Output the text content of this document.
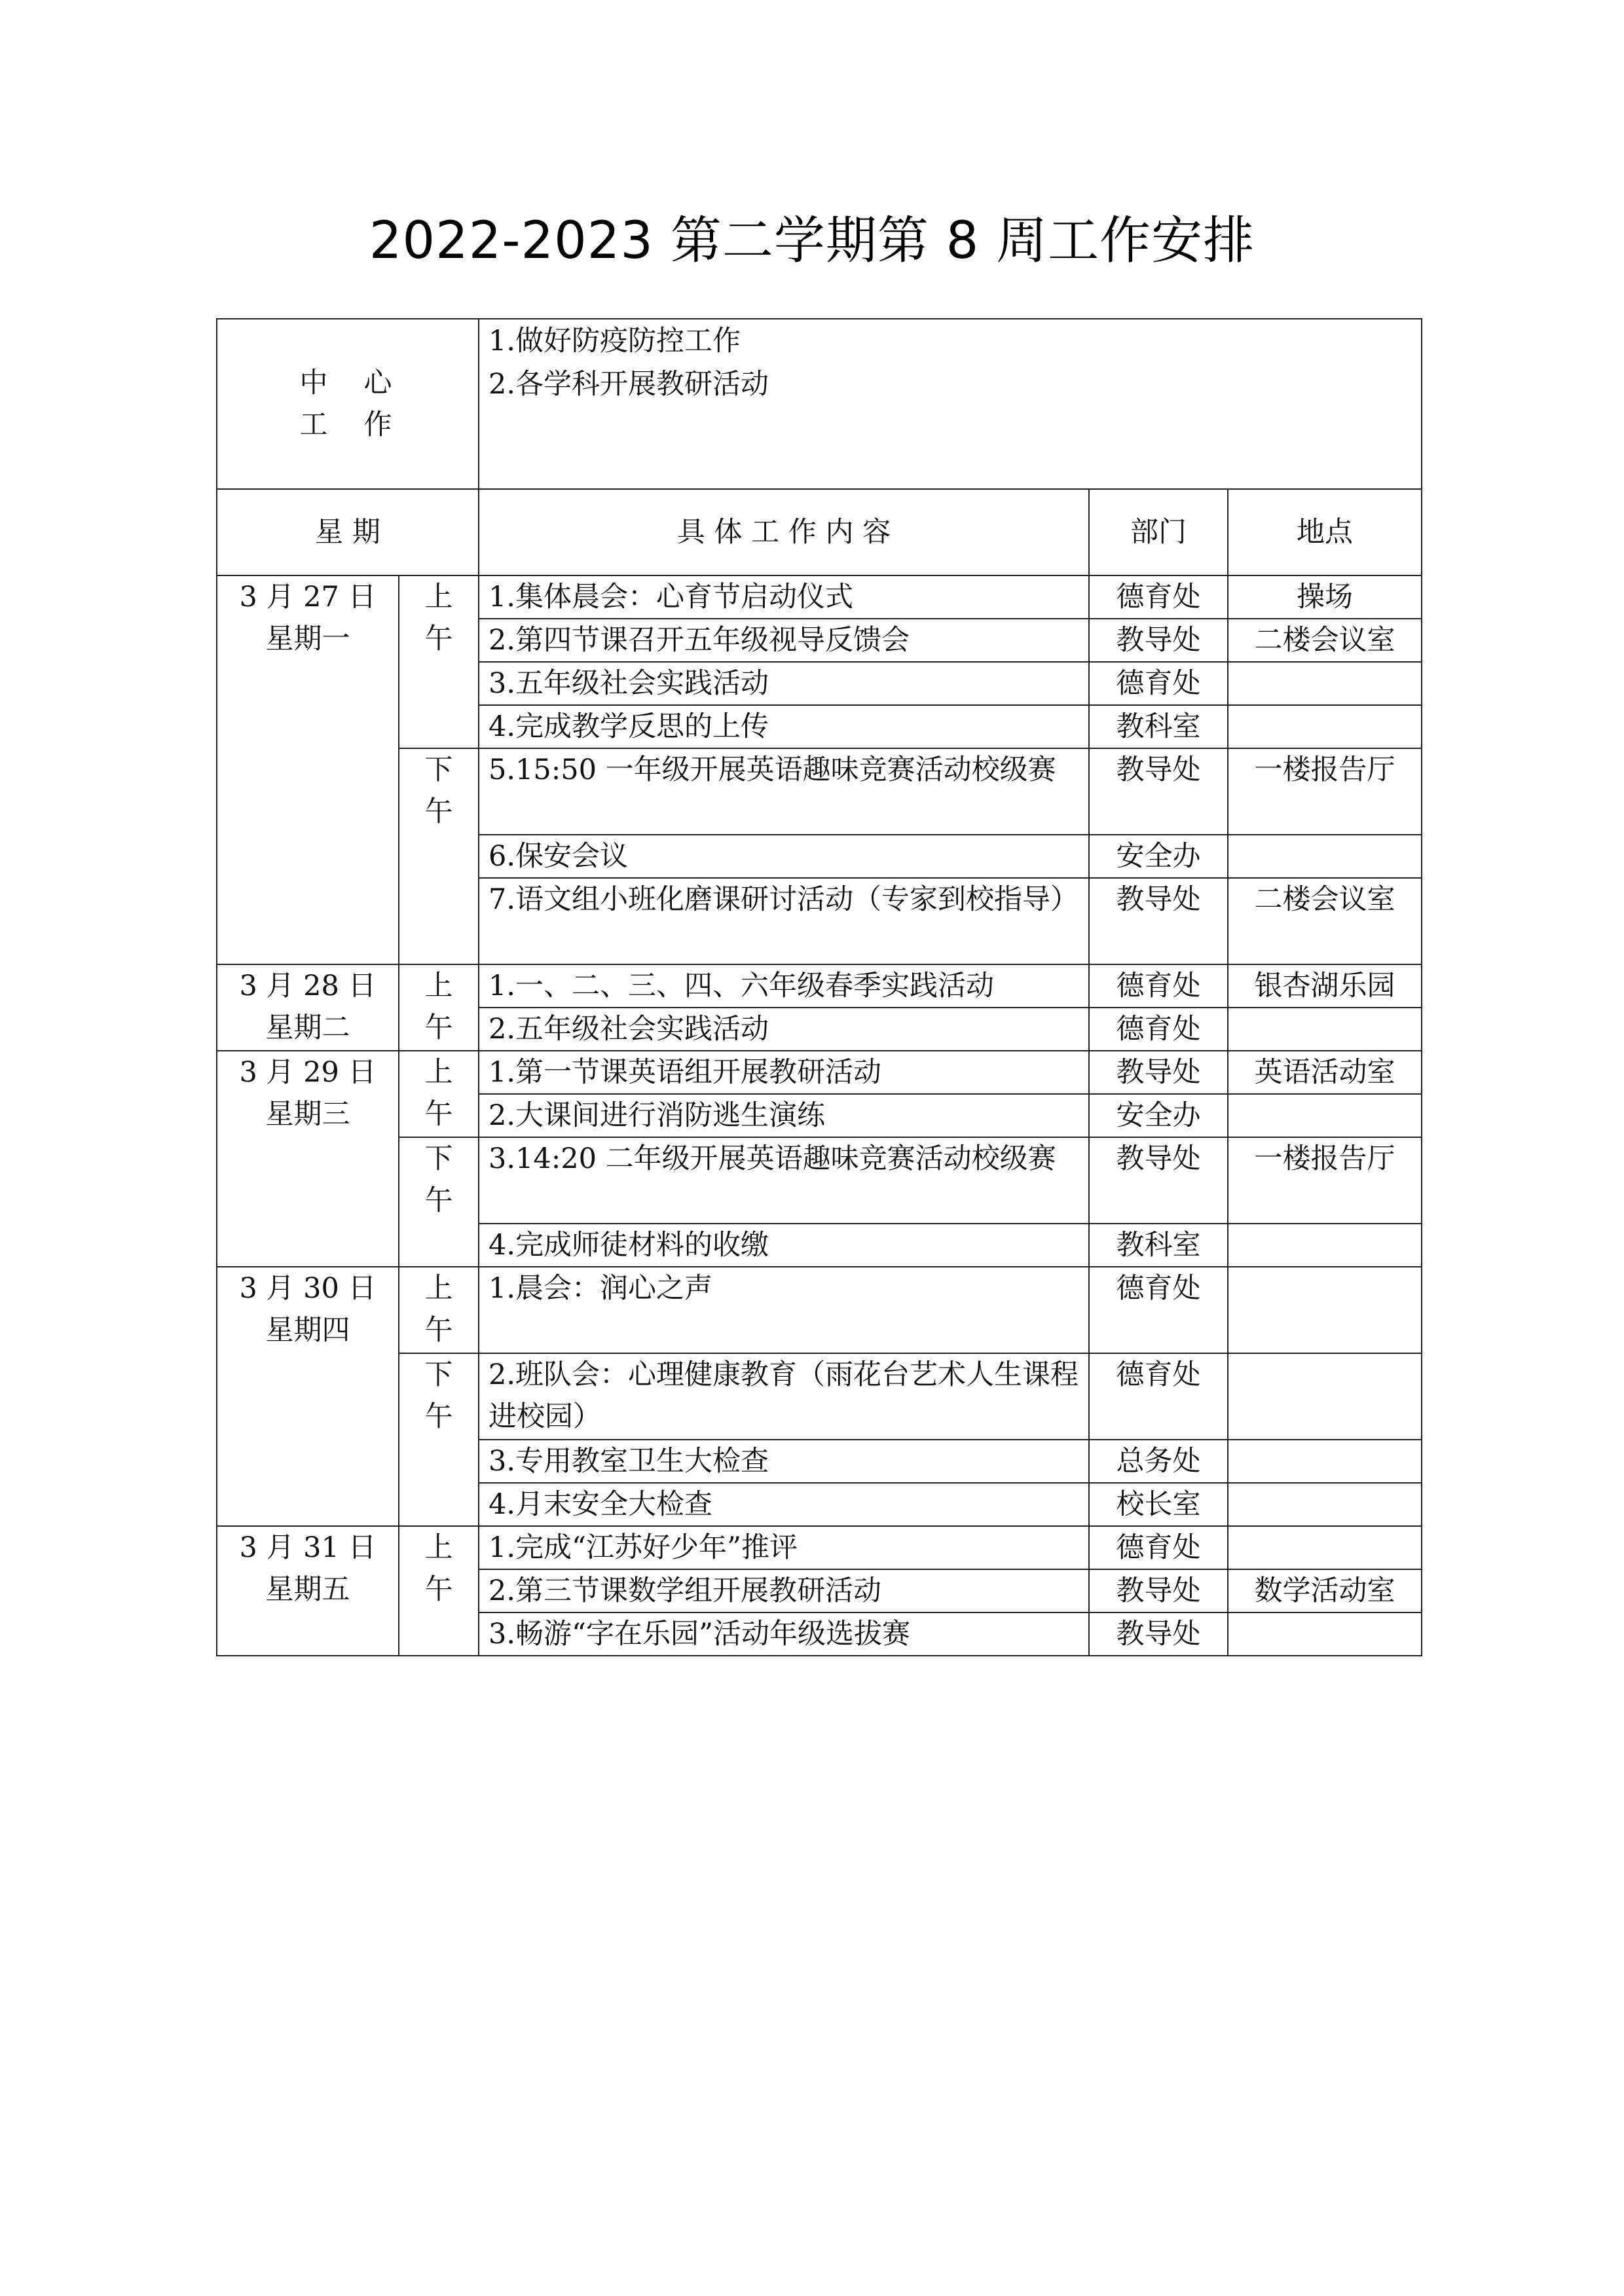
2022-2023 第二学期第 8 周工作安排
中　心
工　作		1.做好防疫防控工作
2.各学科开展教研活动		

星 期		具 体 工 作 内 容	部门	地点

3 月 27 日
星期一	上
午	1.集体晨会：心育节启动仪式	德育处	操场
		2.第四节课召开五年级视导反馈会	教导处	二楼会议室
		3.五年级社会实践活动	德育处	
		4.完成教学反思的上传	教科室	

	下
午	5.15:50 一年级开展英语趣味竞赛活动校级赛	教导处	一楼报告厅
		6.保安会议	安全办	
		7.语文组小班化磨课研讨活动（专家到校指导）	教导处	二楼会议室

3 月 28 日
星期二	上
午	1.一、二、三、四、六年级春季实践活动	德育处	银杏湖乐园
		2.五年级社会实践活动	德育处	

3 月 29 日
星期三	上
午	1.第一节课英语组开展教研活动	教导处	英语活动室
		2.大课间进行消防逃生演练	安全办	

	下
午	3.14:20 二年级开展英语趣味竞赛活动校级赛	教导处	一楼报告厅
		4.完成师徒材料的收缴	教科室	

3 月 30 日
星期四	上
午	1.晨会：润心之声	德育处	

	下
午	2.班队会：心理健康教育（雨花台艺术人生课程进校园）	德育处	
		3.专用教室卫生大检查	总务处	
		4.月末安全大检查	校长室	

3 月 31 日
星期五	上
午	1.完成“江苏好少年”推评	德育处	
		2.第三节课数学组开展教研活动	教导处	数学活动室
		3.畅游“字在乐园”活动年级选拔赛	教导处	
